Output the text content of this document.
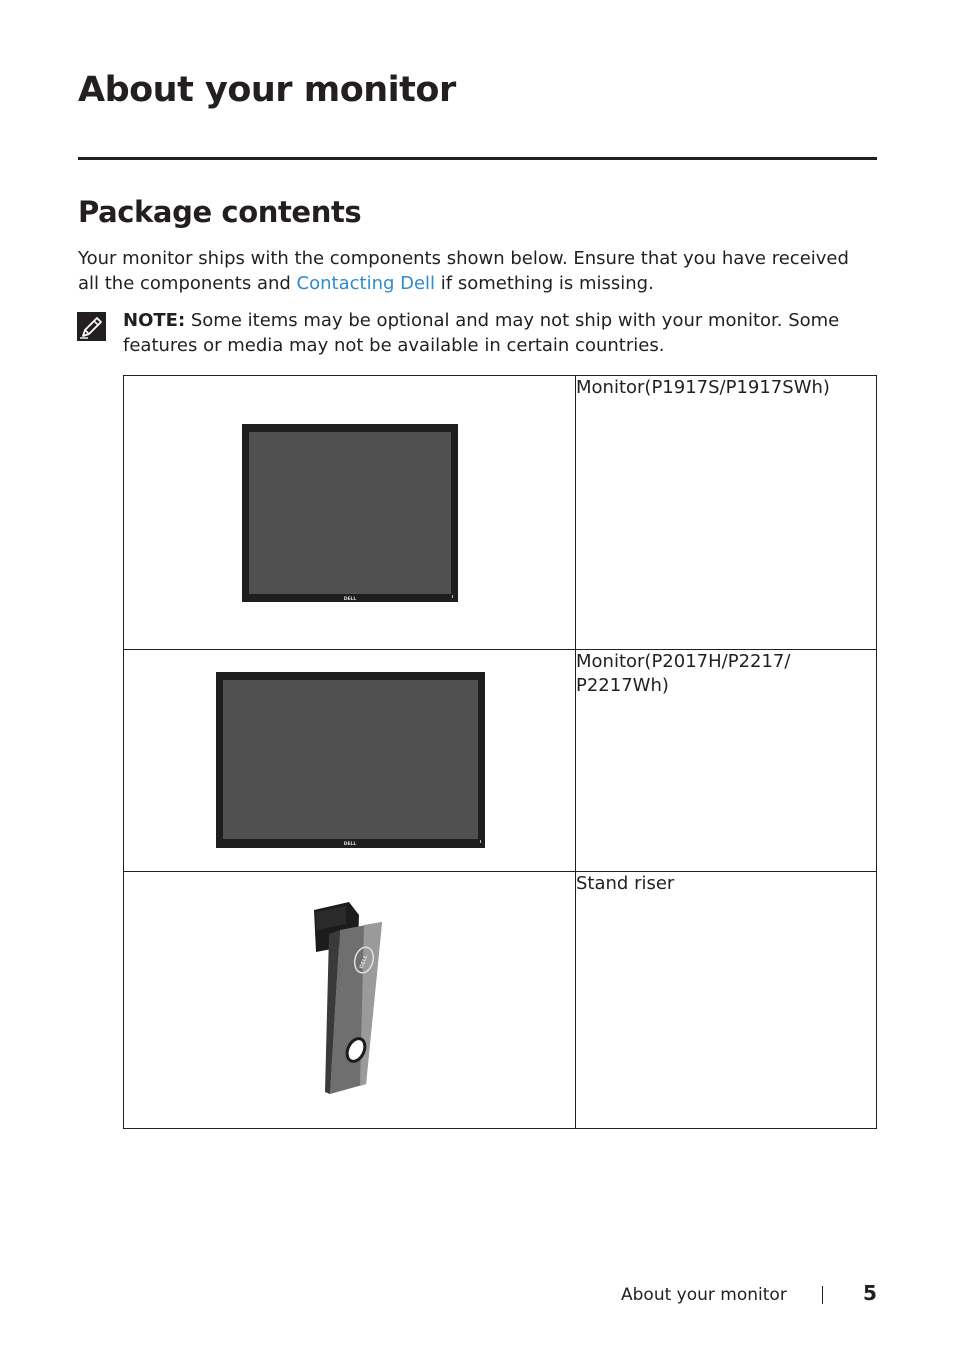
About your monitor
Package contents

Your monitor ships with the components shown below. Ensure that you have received all the components and Contacting Dell if something is missing.

NOTE: Some items may be optional and may not ship with your monitor. Some features or media may not be available in certain countries.

DELL	Monitor(P1917S/P1917SWh)

DELL	Monitor(P2017H/P2217/
P2217Wh)

DELL	Stand riser
About your monitor	5
